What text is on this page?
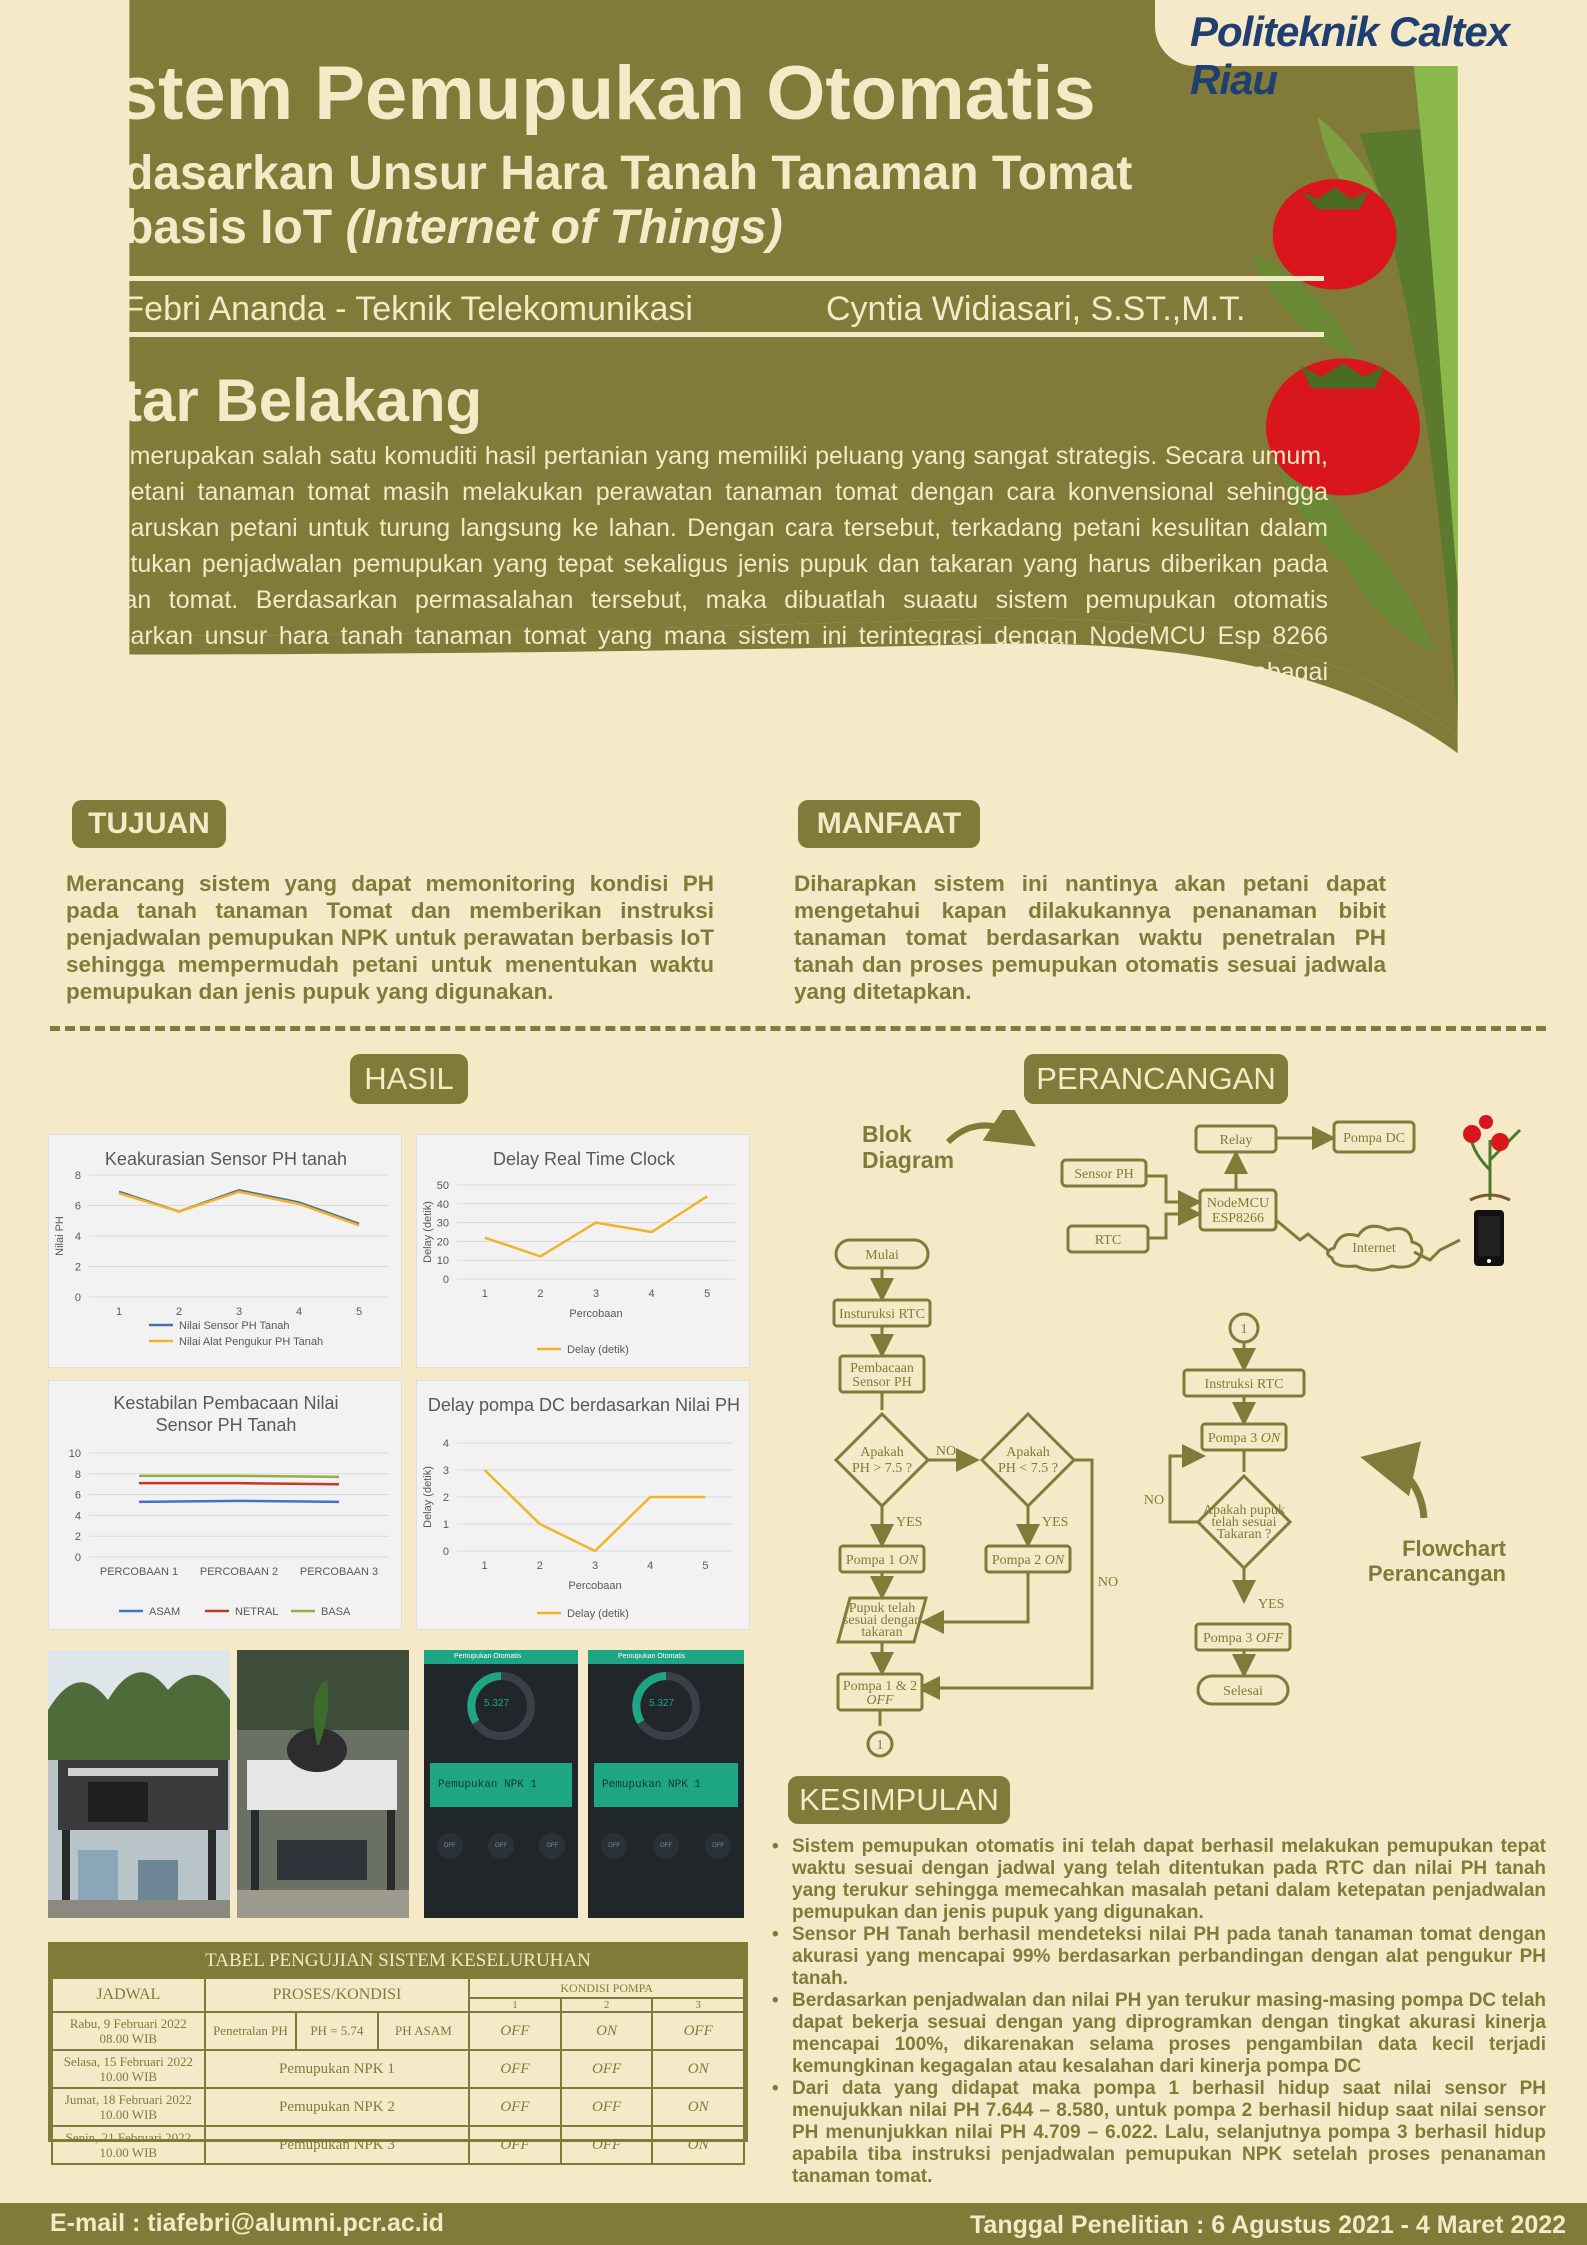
Politeknik Caltex Riau
Sistem Pemupukan Otomatis
Berdasarkan Unsur Hara Tanah Tanaman Tomat
Berbasis IoT (Internet of Things)
Tia Febri Ananda - Teknik Telekomunikasi	Cyntia Widiasari, S.ST.,M.T.
Latar Belakang
Tomat merupakan salah satu komuditi hasil pertanian yang memiliki peluang yang sangat strategis. Secara umum, para petani tanaman tomat masih melakukan perawatan tanaman tomat dengan cara konvensional sehingga mengharuskan petani untuk turung langsung ke lahan. Dengan cara tersebut, terkadang petani kesulitan dalam menentukan penjadwalan pemupukan yang tepat sekaligus jenis pupuk dan takaran yang harus diberikan pada tanaman tomat. Berdasarkan permasalahan tersebut, maka dibuatlah suaatu sistem pemupukan otomatis berdasarkan unsur hara tanah tanaman tomat yang mana sistem ini terintegrasi dengan NodeMCU Esp 8266 sebagai mikrokontroler, RTC sebagai penyimpan waktu untuk penjadwalan dan sensor PH Supp2787 sebagai pengukur PH tanah.
TUJUAN
Merancang sistem yang dapat memonitoring kondisi PH pada tanah tanaman Tomat dan memberikan instruksi penjadwalan pemupukan NPK untuk perawatan berbasis IoT sehingga mempermudah petani untuk menentukan waktu pemupukan dan jenis pupuk yang digunakan.
MANFAAT
Diharapkan sistem ini nantinya akan petani dapat mengetahui kapan dilakukannya penanaman bibit tanaman tomat berdasarkan waktu penetralan PH tanah dan proses pemupukan otomatis sesuai jadwala yang ditetapkan.
HASIL
Keakurasian Sensor PH tanah
0
2
4
6
8
1	2	3	4	5
Nilai PH
Nilai Sensor PH Tanah
Nilai Alat Pengukur PH Tanah
Delay Real Time Clock
0
10
20
30
40
50
1	2	3	4	5
Delay (detik)
Percobaan
Delay (detik)
Kestabilan Pembacaan Nilai
Sensor PH Tanah
0
2
4
6
8
10
PERCOBAAN 1 PERCOBAAN 2 PERCOBAAN 3
ASAM	NETRAL	BASA
Delay pompa DC berdasarkan Nilai PH
0
1
2
3
4
1	2	3	4	5
Delay (detik)
Percobaan
Delay (detik)
Pemupukan Otomatis
5.327
Pemupukan NPK 1
OFF	OFF	OFF
Pemupukan Otomatis
5.327
Pemupukan NPK 1
OFF	OFF	OFF
TABEL PENGUJIAN SISTEM KESELURUHAN
JADWAL	PROSES/KONDISI			KONDISI POMPA		
				1	2	3
Rabu, 9 Februari 2022
08.00 WIB	Penetralan PH	PH = 5.74	PH ASAM	OFF	ON	OFF
Selasa, 15 Februari 2022
10.00 WIB	Pemupukan NPK 1			OFF	OFF	ON
Jumat, 18 Februari 2022
10.00 WIB	Pemupukan NPK 2			OFF	OFF	ON
Senin, 21 Februari 2022
10.00 WIB	Pemupukan NPK 3			OFF	OFF	ON
PERANCANGAN
Blok
Diagram
Sensor PH
RTC
NodeMCU
ESP8266
Relay	Pompa DC
Internet
Mulai
Insturuksi RTC
Pembacaan
Sensor PH
Apakah
PH > 7.5 ?
NO	Apakah
PH < 7.5 ?
NO
YES	YES
Pompa 1 ON	Pompa 2 ON
Pupuk telah
sesuai dengan
takaran
Pompa 1 & 2
OFF
1
1
Instruksi RTC
Pompa 3 ON
Apakah pupuk
telah sesuai
Takaran ?
NO
YES
Pompa 3 OFF
Selesai
Flowchart
Perancangan
KESIMPULAN
• Sistem pemupukan otomatis ini telah dapat berhasil melakukan pemupukan tepat waktu sesuai dengan jadwal yang telah ditentukan pada RTC dan nilai PH tanah yang terukur sehingga memecahkan masalah petani dalam ketepatan penjadwalan pemupukan dan jenis pupuk yang digunakan.
• Sensor PH Tanah berhasil mendeteksi nilai PH pada tanah tanaman tomat dengan akurasi yang mencapai 99% berdasarkan perbandingan dengan alat pengukur PH tanah.
• Berdasarkan penjadwalan dan nilai PH yan terukur masing-masing pompa DC telah dapat bekerja sesuai dengan yang diprogramkan dengan tingkat akurasi kinerja mencapai 100%, dikarenakan selama proses pengambilan data kecil terjadi kemungkinan kegagalan atau kesalahan dari kinerja pompa DC
• Dari data yang didapat maka pompa 1 berhasil hidup saat nilai sensor PH menujukkan nilai PH 7.644 – 8.580, untuk pompa 2 berhasil hidup saat nilai sensor PH menunjukkan nilai PH 4.709 – 6.022. Lalu, selanjutnya pompa 3 berhasil hidup apabila tiba instruksi penjadwalan pemupukan NPK setelah proses penanaman tanaman tomat.
E-mail : tiafebri@alumni.pcr.ac.id	Tanggal Penelitian : 6 Agustus 2021 - 4 Maret 2022
